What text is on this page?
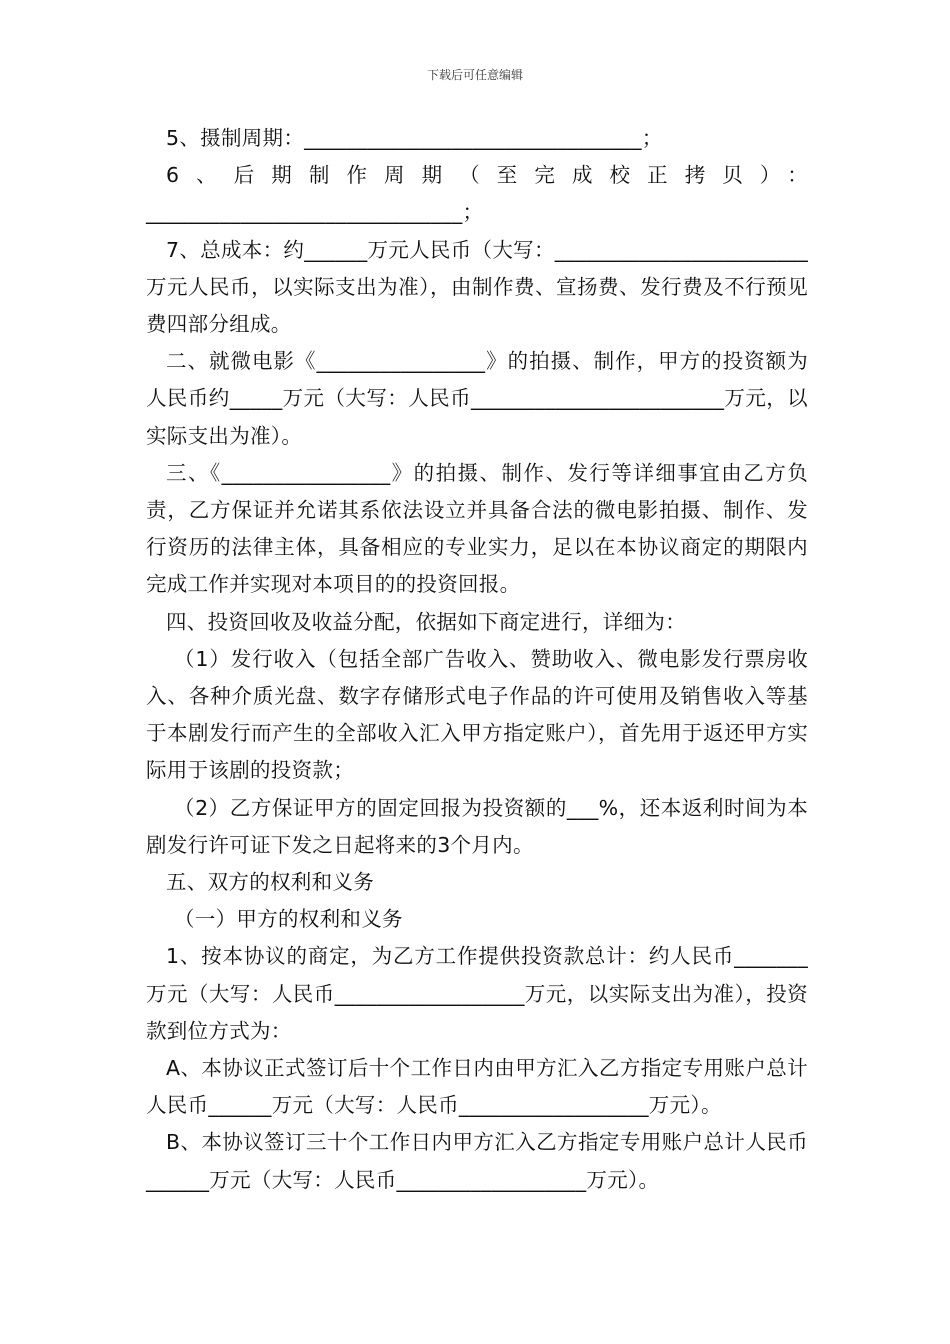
下载后可任意编辑

5、摄制周期：________________________________；

6、后期制作周期（至完成校正拷贝）：______________________________；

7、总成本：约______万元人民币（大写：________________________万元人民币，以实际支出为准），由制作费、宣扬费、发行费及不行预见费四部分组成。

二、就微电影《________________》的拍摄、制作，甲方的投资额为人民币约_____万元（大写：人民币________________________万元，以实际支出为准）。

三、《________________》的拍摄、制作、发行等详细事宜由乙方负责，乙方保证并允诺其系依法设立并具备合法的微电影拍摄、制作、发行资历的法律主体，具备相应的专业实力，足以在本协议商定的期限内完成工作并实现对本项目的的投资回报。

四、投资回收及收益分配，依据如下商定进行，详细为：

（1）发行收入（包括全部广告收入、赞助收入、微电影发行票房收入、各种介质光盘、数字存储形式电子作品的许可使用及销售收入等基于本剧发行而产生的全部收入汇入甲方指定账户），首先用于返还甲方实际用于该剧的投资款；

（2）乙方保证甲方的固定回报为投资额的___%，还本返利时间为本剧发行许可证下发之日起将来的3个月内。

五、双方的权利和义务

（一）甲方的权利和义务

1、按本协议的商定，为乙方工作提供投资款总计：约人民币_______万元（大写：人民币__________________万元，以实际支出为准），投资款到位方式为：

A、本协议正式签订后十个工作日内由甲方汇入乙方指定专用账户总计人民币______万元（大写：人民币__________________万元）。

B、本协议签订三十个工作日内甲方汇入乙方指定专用账户总计人民币______万元（大写：人民币__________________万元）。
